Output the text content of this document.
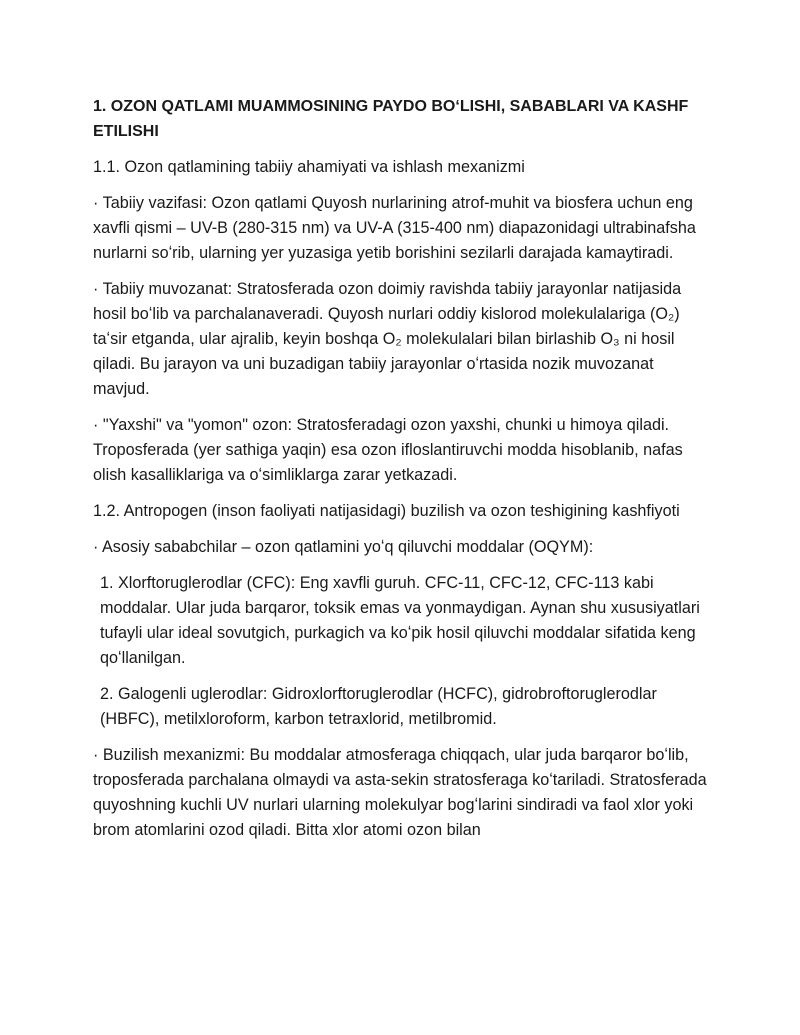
1. OZON QATLAMI MUAMMOSINING PAYDO BOʻLISHI, SABABLARI VA KASHF ETILISHI

1.1. Ozon qatlamining tabiiy ahamiyati va ishlash mexanizmi

· Tabiiy vazifasi: Ozon qatlami Quyosh nurlarining atrof-muhit va biosfera uchun eng xavfli qismi – UV-B (280-315 nm) va UV-A (315-400 nm) diapazonidagi ultrabinafsha nurlarni soʻrib, ularning yer yuzasiga yetib borishini sezilarli darajada kamaytiradi.

· Tabiiy muvozanat: Stratosferada ozon doimiy ravishda tabiiy jarayonlar natijasida hosil boʻlib va parchalanaveradi. Quyosh nurlari oddiy kislorod molekulalariga (O₂) taʻsir etganda, ular ajralib, keyin boshqa O₂ molekulalari bilan birlashib O₃ ni hosil qiladi. Bu jarayon va uni buzadigan tabiiy jarayonlar oʻrtasida nozik muvozanat mavjud.

· "Yaxshi" va "yomon" ozon: Stratosferadagi ozon yaxshi, chunki u himoya qiladi. Troposferada (yer sathiga yaqin) esa ozon ifloslantiruvchi modda hisoblanib, nafas olish kasalliklariga va oʻsimliklarga zarar yetkazadi.

1.2. Antropogen (inson faoliyati natijasidagi) buzilish va ozon teshigining kashfiyoti

· Asosiy sababchilar – ozon qatlamini yoʻq qiluvchi moddalar (OQYM):

1. Xlorftoruglerodlar (CFC): Eng xavfli guruh. CFC-11, CFC-12, CFC-113 kabi moddalar. Ular juda barqaror, toksik emas va yonmaydigan. Aynan shu xususiyatlari tufayli ular ideal sovutgich, purkagich va koʻpik hosil qiluvchi moddalar sifatida keng qoʻllanilgan.

2. Galogenli uglerodlar: Gidroxlorftoruglerodlar (HCFC), gidrobroftoruglerodlar (HBFC), metilxloroform, karbon tetraxlorid, metilbromid.

· Buzilish mexanizmi: Bu moddalar atmosferaga chiqqach, ular juda barqaror boʻlib, troposferada parchalana olmaydi va asta-sekin stratosferaga koʻtariladi. Stratosferada quyoshning kuchli UV nurlari ularning molekulyar bogʻlarini sindiradi va faol xlor yoki brom atomlarini ozod qiladi. Bitta xlor atomi ozon bilan
